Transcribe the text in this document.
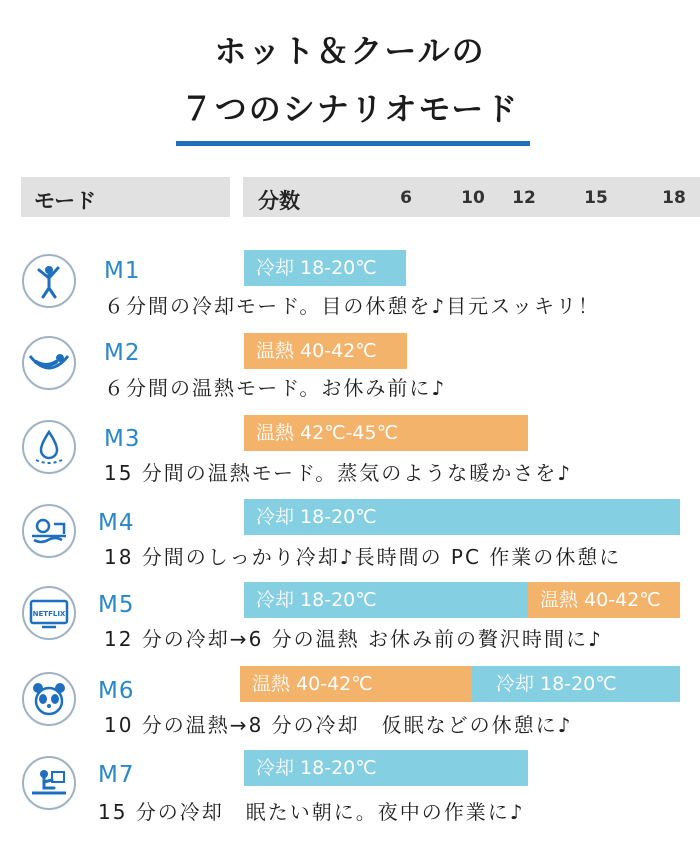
ホット＆クールの
７つのシナリオモード
モード	分数	6	10 12	15	18
M1	冷却 18-20℃
６分間の冷却モード。目の休憩を♪目元スッキリ！
M2	温熱 40-42℃
６分間の温熱モード。お休み前に♪
M3	温熱 42℃-45℃
15 分間の温熱モード。蒸気のような暖かさを♪
M4	冷却 18-20℃
18 分間のしっかり冷却♪長時間の PC 作業の休憩に
NETFLIX M5	冷却 18-20℃	温熱 40-42℃
12 分の冷却→6 分の温熱 お休み前の贅沢時間に♪
M6	温熱 40-42℃	冷却 18-20℃
10 分の温熱→8 分の冷却　仮眠などの休憩に♪
M7	冷却 18-20℃
15 分の冷却　眠たい朝に。夜中の作業に♪
